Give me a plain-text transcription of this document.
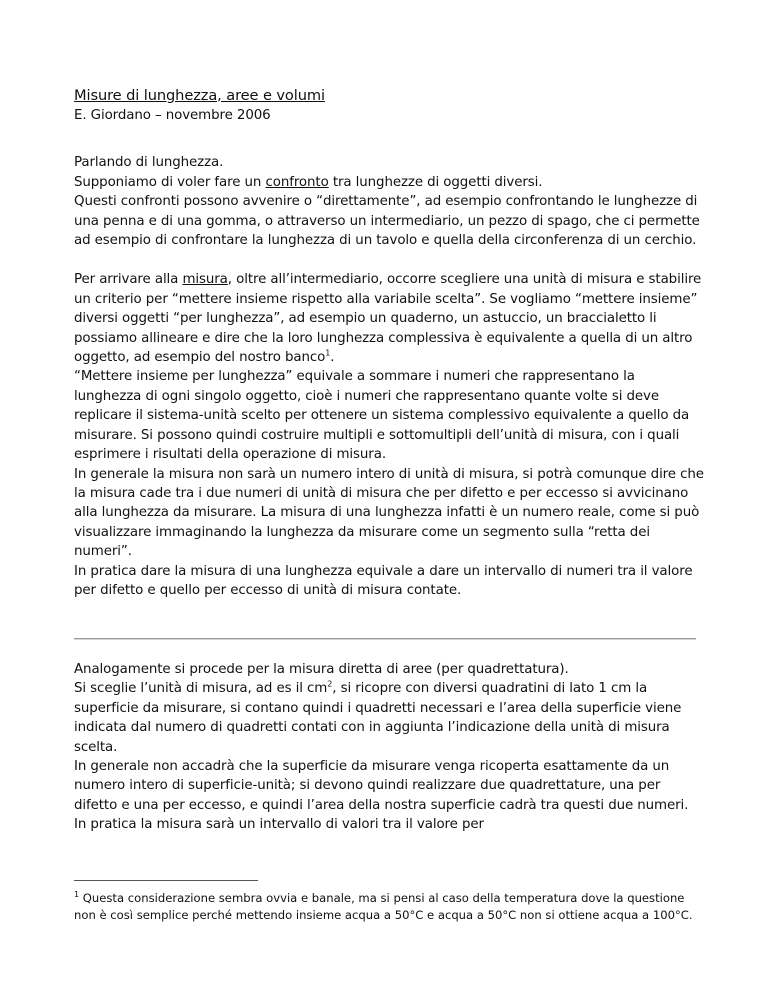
Misure di lunghezza, aree e volumi
E. Giordano – novembre 2006

Parlando di lunghezza.
Supponiamo di voler fare un confronto tra lunghezze di oggetti diversi.
Questi confronti possono avvenire o “direttamente”, ad esempio confrontando le lunghezze di una penna e di una gomma, o attraverso un intermediario, un pezzo di spago, che ci permette ad esempio di confrontare la lunghezza di un tavolo e quella della circonferenza di un cerchio.

Per arrivare alla misura, oltre all’intermediario, occorre scegliere una unità di misura e stabilire un criterio per “mettere insieme rispetto alla variabile scelta”. Se vogliamo “mettere insieme” diversi oggetti “per lunghezza”, ad esempio un quaderno, un astuccio, un braccialetto li possiamo allineare e dire che la loro lunghezza complessiva è equivalente a quella di un altro oggetto, ad esempio del nostro banco$^1$.
“Mettere insieme per lunghezza” equivale a sommare i numeri che rappresentano la lunghezza di ogni singolo oggetto, cioè i numeri che rappresentano quante volte si deve replicare il sistema-unità scelto per ottenere un sistema complessivo equivalente a quello da misurare. Si possono quindi costruire multipli e sottomultipli dell’unità di misura, con i quali esprimere i risultati della operazione di misura.
In generale la misura non sarà un numero intero di unità di misura, si potrà comunque dire che la misura cade tra i due numeri di unità di misura che per difetto e per eccesso si avvicinano alla lunghezza da misurare. La misura di una lunghezza infatti è un numero reale, come si può visualizzare immaginando la lunghezza da misurare come un segmento sulla “retta dei numeri”.
In pratica dare la misura di una lunghezza equivale a dare un intervallo di numeri tra il valore per difetto e quello per eccesso di unità di misura contate.

Analogamente si procede per la misura diretta di aree (per quadrettatura).
Si sceglie l’unità di misura, ad es il $cm^2$, si ricopre con diversi quadratini di lato 1 cm la superficie da misurare, si contano quindi i quadretti necessari e l’area della superficie viene indicata dal numero di quadretti contati con in aggiunta l’indicazione della unità di misura scelta.
In generale non accadrà che la superficie da misurare venga ricoperta esattamente da un numero intero di superficie-unità; si devono quindi realizzare due quadrettature, una per difetto e una per eccesso, e quindi l’area della nostra superficie cadrà tra questi due numeri. In pratica la misura sarà un intervallo di valori tra il valore per

$^1$ Questa considerazione sembra ovvia e banale, ma si pensi al caso della temperatura dove la questione non è così semplice perché mettendo insieme acqua a 50°C e acqua a 50°C non si ottiene acqua a 100°C.
